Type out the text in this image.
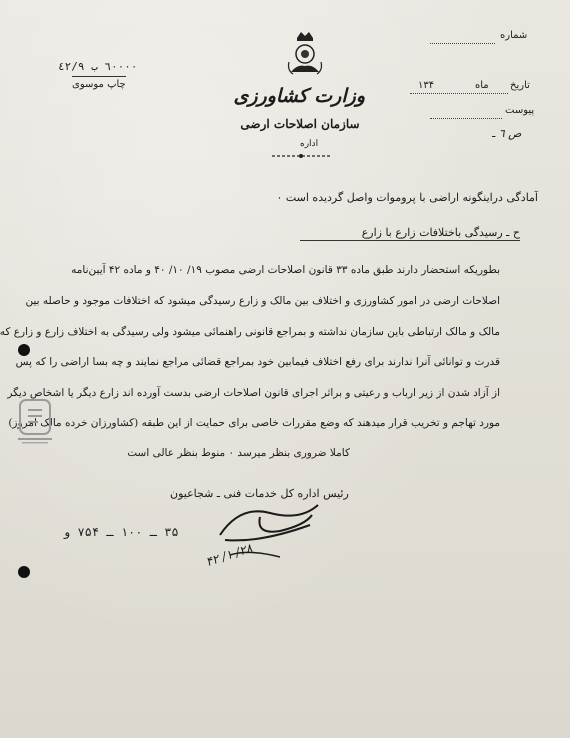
٦٠٠٠٠ ب ٤٢/٩
چاپ موسوی
وزارت کشاورزی
سازمان اصلاحات ارضی
اداره
شماره
تاریخ
ماه
۱۳۴
پیوست
ص ٦ ـ
آمادگی دراینگونه اراضی با پروموات واصل گردیده است ۰
ح ـ رسیدگی باختلافات زارع با زارع
بطوریکه استحضار دارند طبق ماده ۳۳ قانون اصلاحات ارضی مصوب ۱۹/ ۱۰/ ۴۰ و ماده ۴۲ آیین‌نامه
اصلاحات ارضی در امور کشاورزی و اختلاف بین مالک و زارع رسیدگی میشود که اختلافات موجود و حاصله بین
مالک و مالک ارتباطی باین سازمان نداشته و بمراجع قانونی راهنمائی میشود ولی رسیدگی به اختلاف زارع و زارع که
قدرت و توانائی آنرا ندارند برای رفع اختلاف فیمابین خود بمراجع قضائی مراجع نمایند و چه بسا اراضی را که پس
از آزاد شدن از زیر ارباب و رعیتی و براثر اجرای قانون اصلاحات ارضی بدست آورده اند زارع دیگر یا اشخاص دیگر
مورد تهاجم و تخریب قرار میدهند که وضع مقررات خاصی برای حمایت از این طبقه (کشاورزان خرده مالک امروز)
کاملا ضروری بنظر میرسد ۰ منوط بنظر عالی است
رئیس اداره کل خدمات فنی ـ شجاعیون
۲۸/ ۱/ ۴۲
۳۵ ـ ۱۰۰ ـ ۷۵۴ و
